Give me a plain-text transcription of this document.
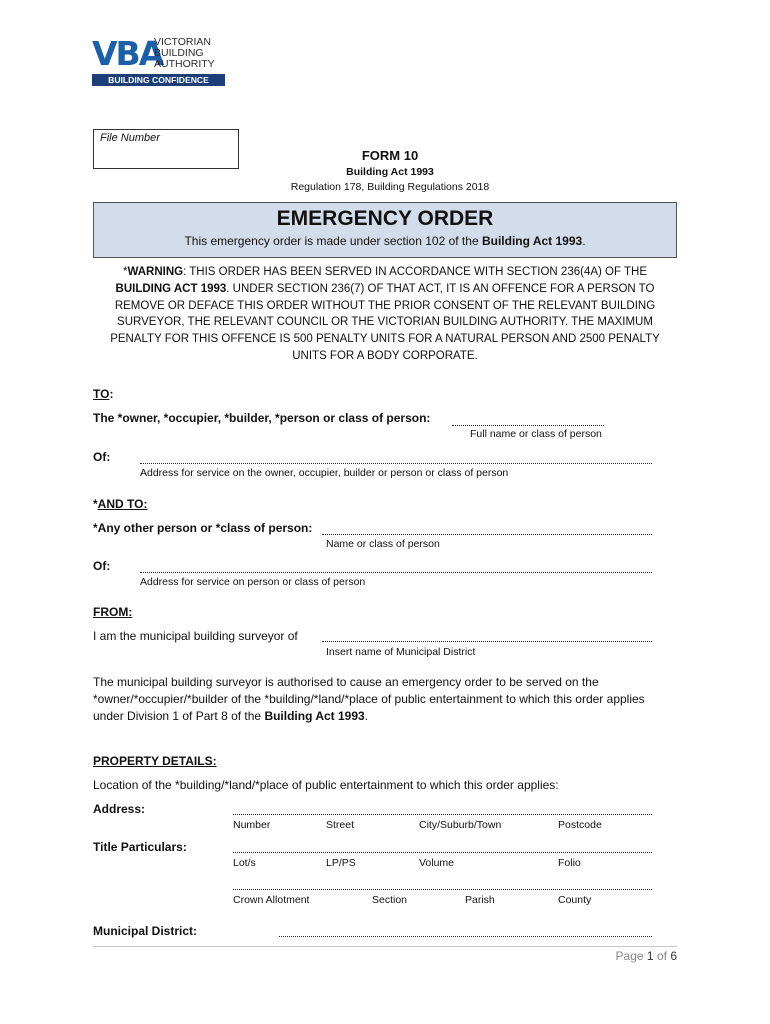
VBA
VICTORIAN
BUILDING
AUTHORITY
BUILDING CONFIDENCE
File Number
FORM 10
Building Act 1993
Regulation 178, Building Regulations 2018
EMERGENCY ORDER
This emergency order is made under section 102 of the Building Act 1993.
*WARNING: THIS ORDER HAS BEEN SERVED IN ACCORDANCE WITH SECTION 236(4A) OF THE BUILDING ACT 1993. UNDER SECTION 236(7) OF THAT ACT, IT IS AN OFFENCE FOR A PERSON TO REMOVE OR DEFACE THIS ORDER WITHOUT THE PRIOR CONSENT OF THE RELEVANT BUILDING SURVEYOR, THE RELEVANT COUNCIL OR THE VICTORIAN BUILDING AUTHORITY. THE MAXIMUM PENALTY FOR THIS OFFENCE IS 500 PENALTY UNITS FOR A NATURAL PERSON AND 2500 PENALTY UNITS FOR A BODY CORPORATE.
TO:
The *owner, *occupier, *builder, *person or class of person:
Full name or class of person
Of:
Address for service on the owner, occupier, builder or person or class of person
*AND TO:
*Any other person or *class of person:
Name or class of person
Of:
Address for service on person or class of person
FROM:
I am the municipal building surveyor of
Insert name of Municipal District
The municipal building surveyor is authorised to cause an emergency order to be served on the *owner/*occupier/*builder of the *building/*land/*place of public entertainment to which this order applies under Division 1 of Part 8 of the Building Act 1993.
PROPERTY DETAILS:
Location of the *building/*land/*place of public entertainment to which this order applies:
Address:
Number	Street	City/Suburb/Town	Postcode
Title Particulars:
Lot/s	LP/PS	Volume	Folio
Crown Allotment	Section	Parish	County
Municipal District:
Page 1 of 6
